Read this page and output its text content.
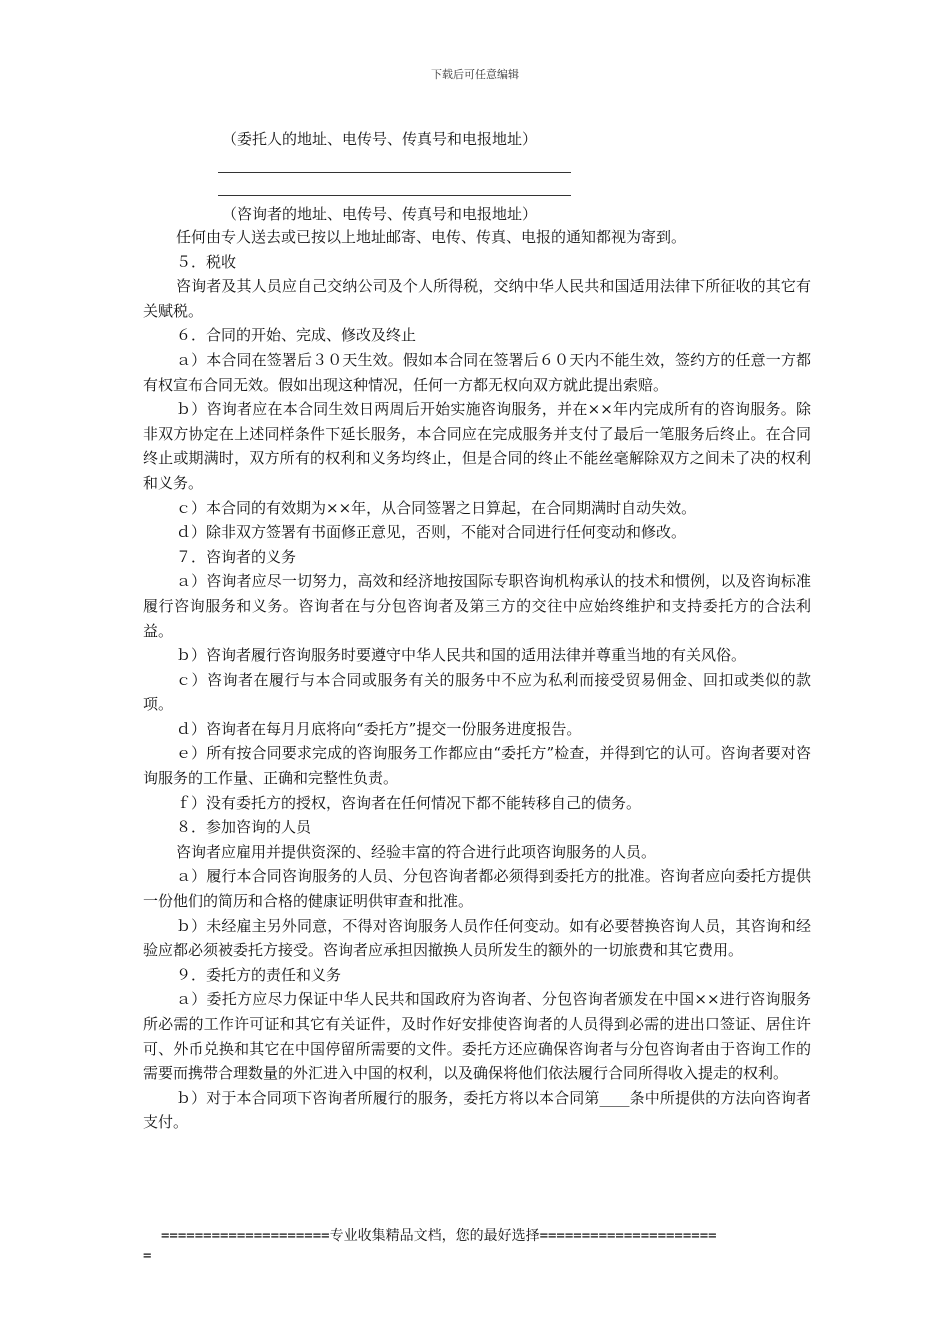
下载后可任意编辑
（委托人的地址、电传号、传真号和电报地址）
（咨询者的地址、电传号、传真号和电报地址）

任何由专人送去或已按以上地址邮寄、电传、传真、电报的通知都视为寄到。

５．税收

咨询者及其人员应自己交纳公司及个人所得税，交纳中华人民共和国适用法律下所征收的其它有关赋税。

６．合同的开始、完成、修改及终止

ａ）本合同在签署后３０天生效。假如本合同在签署后６０天内不能生效，签约方的任意一方都有权宣布合同无效。假如出现这种情况，任何一方都无权向双方就此提出索赔。

ｂ）咨询者应在本合同生效日两周后开始实施咨询服务，并在××年内完成所有的咨询服务。除非双方协定在上述同样条件下延长服务，本合同应在完成服务并支付了最后一笔服务后终止。在合同终止或期满时，双方所有的权利和义务均终止，但是合同的终止不能丝毫解除双方之间未了决的权利和义务。

ｃ）本合同的有效期为××年，从合同签署之日算起，在合同期满时自动失效。

ｄ）除非双方签署有书面修正意见，否则，不能对合同进行任何变动和修改。

７．咨询者的义务

ａ）咨询者应尽一切努力，高效和经济地按国际专职咨询机构承认的技术和惯例，以及咨询标准履行咨询服务和义务。咨询者在与分包咨询者及第三方的交往中应始终维护和支持委托方的合法利益。

ｂ）咨询者履行咨询服务时要遵守中华人民共和国的适用法律并尊重当地的有关风俗。

ｃ）咨询者在履行与本合同或服务有关的服务中不应为私利而接受贸易佣金、回扣或类似的款项。

ｄ）咨询者在每月月底将向“委托方”提交一份服务进度报告。

ｅ）所有按合同要求完成的咨询服务工作都应由“委托方”检查，并得到它的认可。咨询者要对咨询服务的工作量、正确和完整性负责。

ｆ）没有委托方的授权，咨询者在任何情况下都不能转移自己的债务。

８．参加咨询的人员

咨询者应雇用并提供资深的、经验丰富的符合进行此项咨询服务的人员。

ａ）履行本合同咨询服务的人员、分包咨询者都必须得到委托方的批准。咨询者应向委托方提供一份他们的简历和合格的健康证明供审查和批准。

ｂ）未经雇主另外同意，不得对咨询服务人员作任何变动。如有必要替换咨询人员，其咨询和经验应都必须被委托方接受。咨询者应承担因撤换人员所发生的额外的一切旅费和其它费用。

９．委托方的责任和义务

ａ）委托方应尽力保证中华人民共和国政府为咨询者、分包咨询者颁发在中国××进行咨询服务所必需的工作许可证和其它有关证件，及时作好安排使咨询者的人员得到必需的进出口签证、居住许可、外币兑换和其它在中国停留所需要的文件。委托方还应确保咨询者与分包咨询者由于咨询工作的需要而携带合理数量的外汇进入中国的权利，以及确保将他们依法履行合同所得收入提走的权利。

ｂ）对于本合同项下咨询者所履行的服务，委托方将以本合同第____条中所提供的方法向咨询者支付。

====================专业收集精品文档，您的最好选择=====================
=
